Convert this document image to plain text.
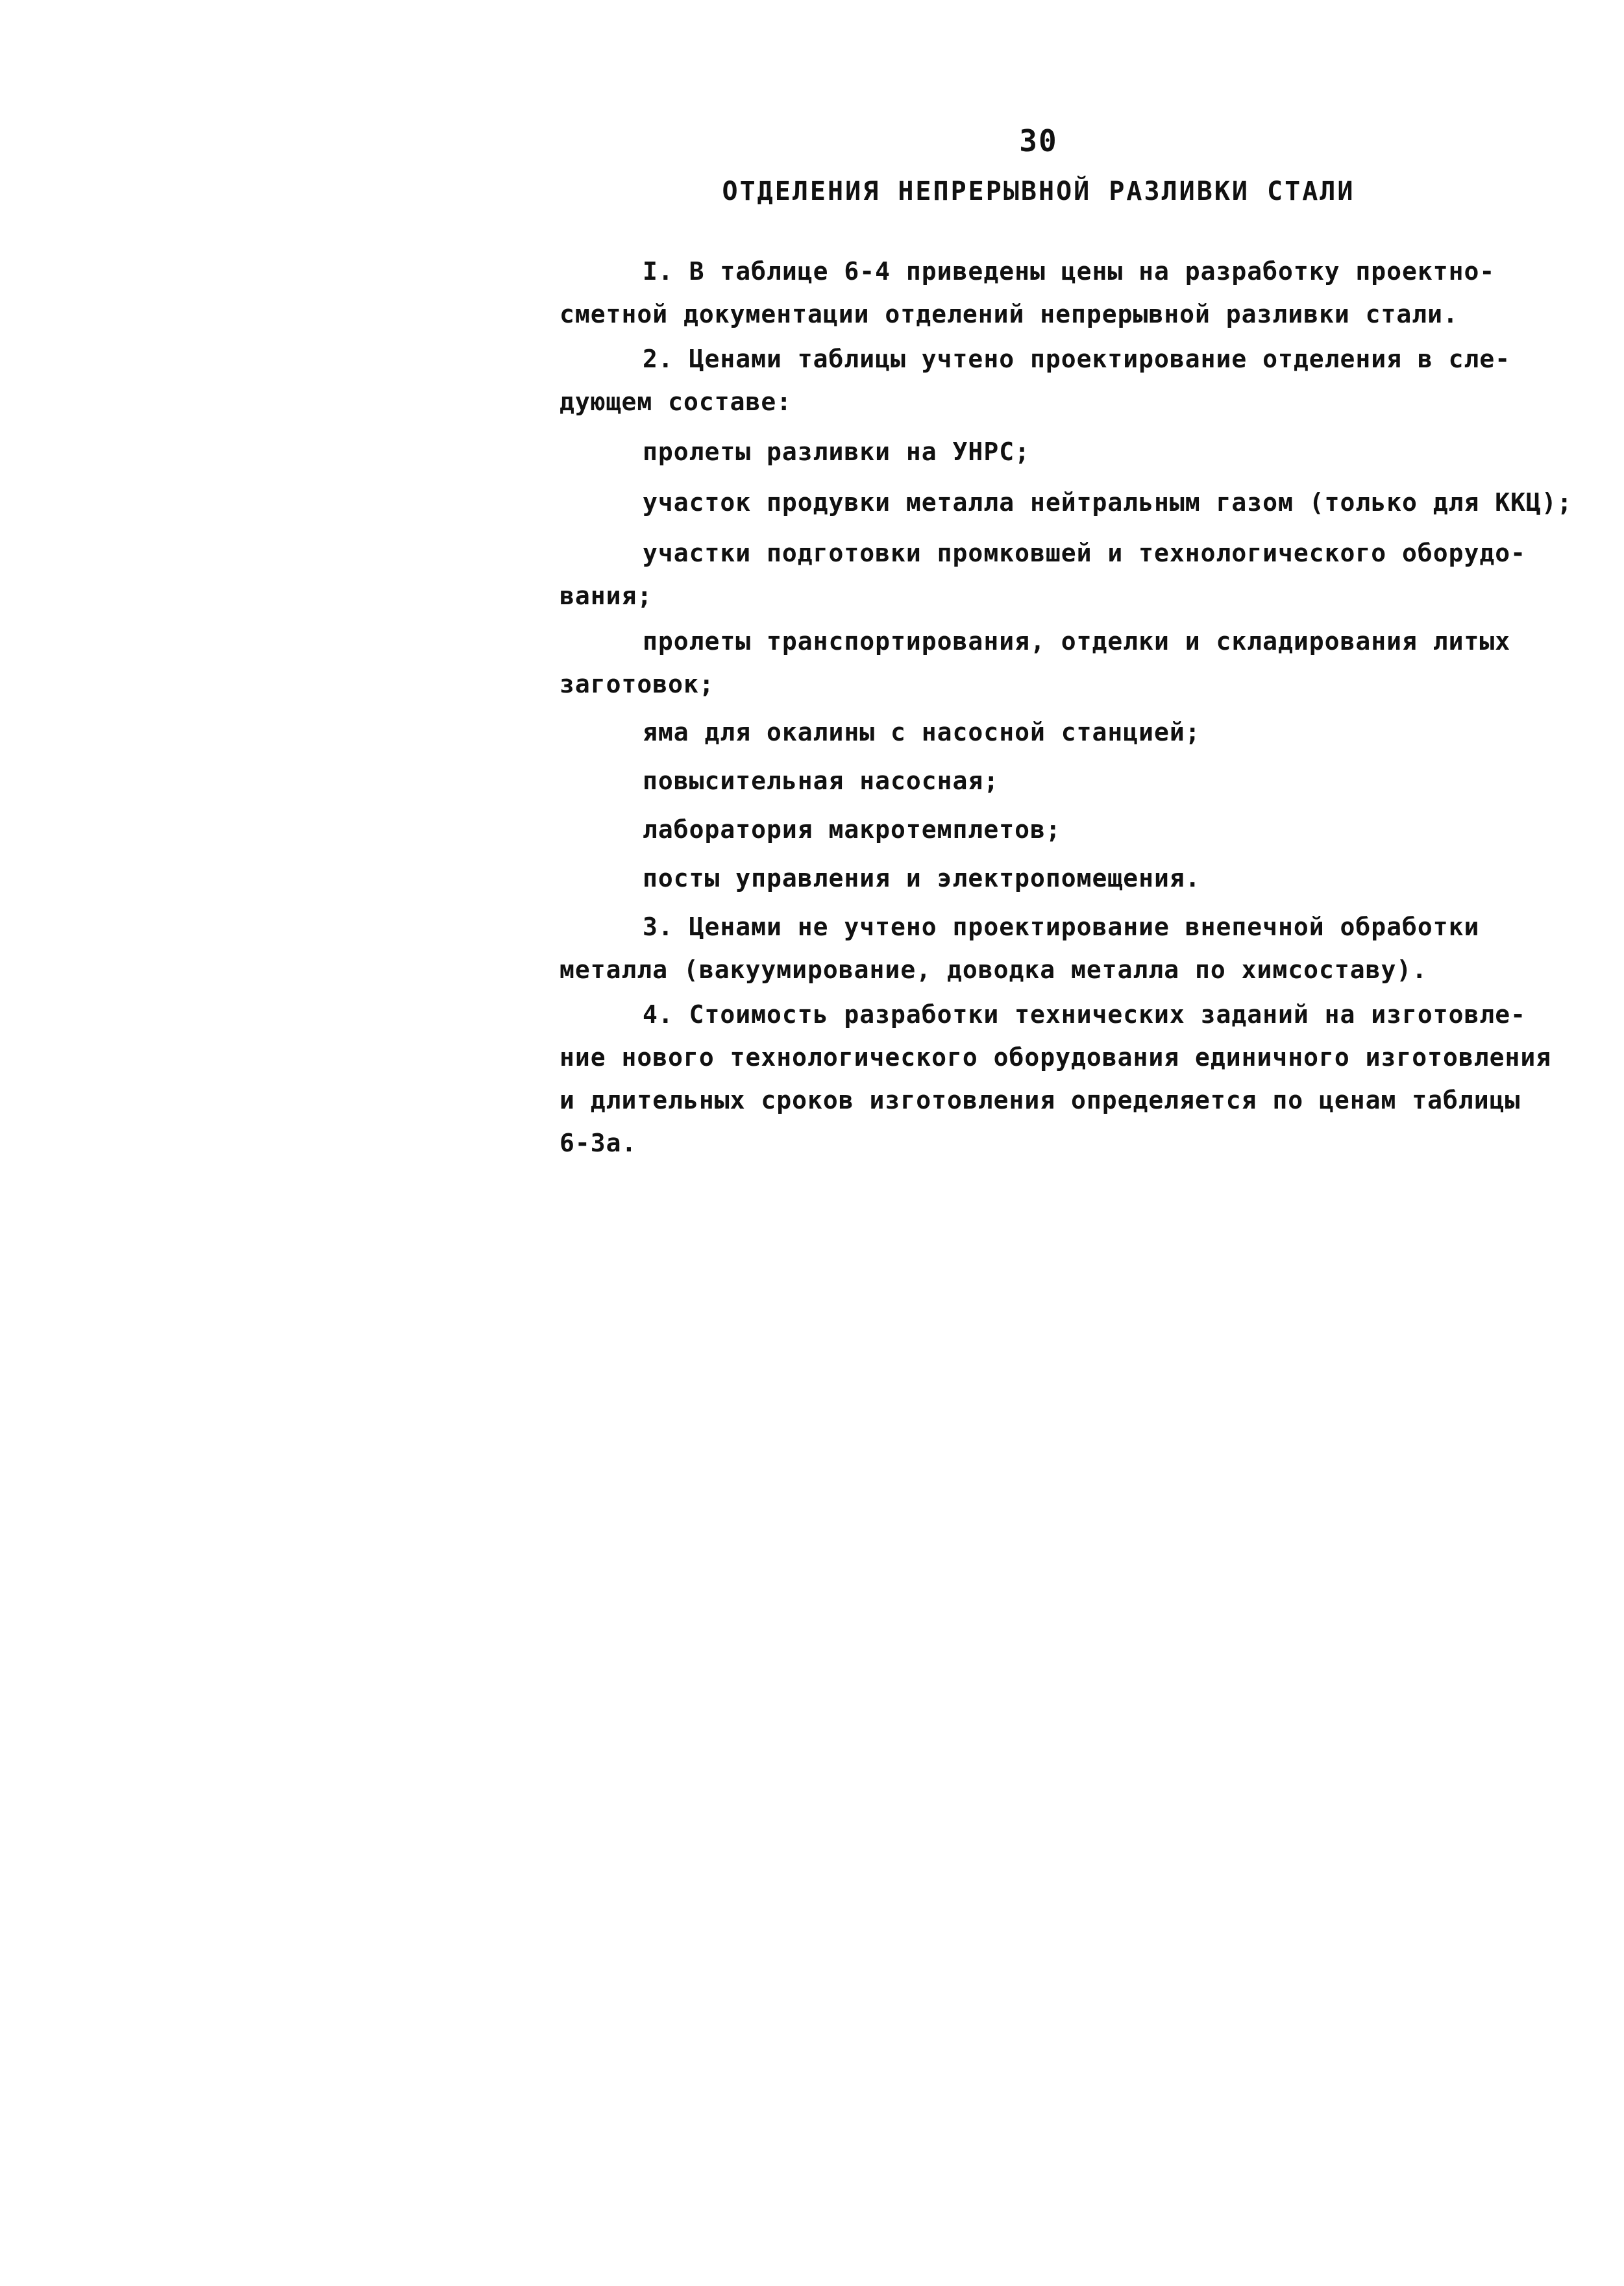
30
ОТДЕЛЕНИЯ НЕПРЕРЫВНОЙ РАЗЛИВКИ СТАЛИ
I. В таблице 6-4 приведены цены на разработку проектно-
сметной документации отделений непрерывной разливки стали.
2. Ценами таблицы учтено проектирование отделения в сле-
дующем составе:
пролеты разливки на УНРС;
участок продувки металла нейтральным газом (только для ККЦ);
участки подготовки промковшей и технологического оборудо-
вания;
пролеты транспортирования, отделки и складирования литых
заготовок;
яма для окалины с насосной станцией;
повысительная насосная;
лаборатория макротемплетов;
посты управления и электропомещения.
3. Ценами не учтено проектирование внепечной обработки
металла (вакуумирование, доводка металла по химсоставу).
4. Стоимость разработки технических заданий на изготовле-
ние нового технологического оборудования единичного изготовления
и длительных сроков изготовления определяется по ценам таблицы
6-3а.
